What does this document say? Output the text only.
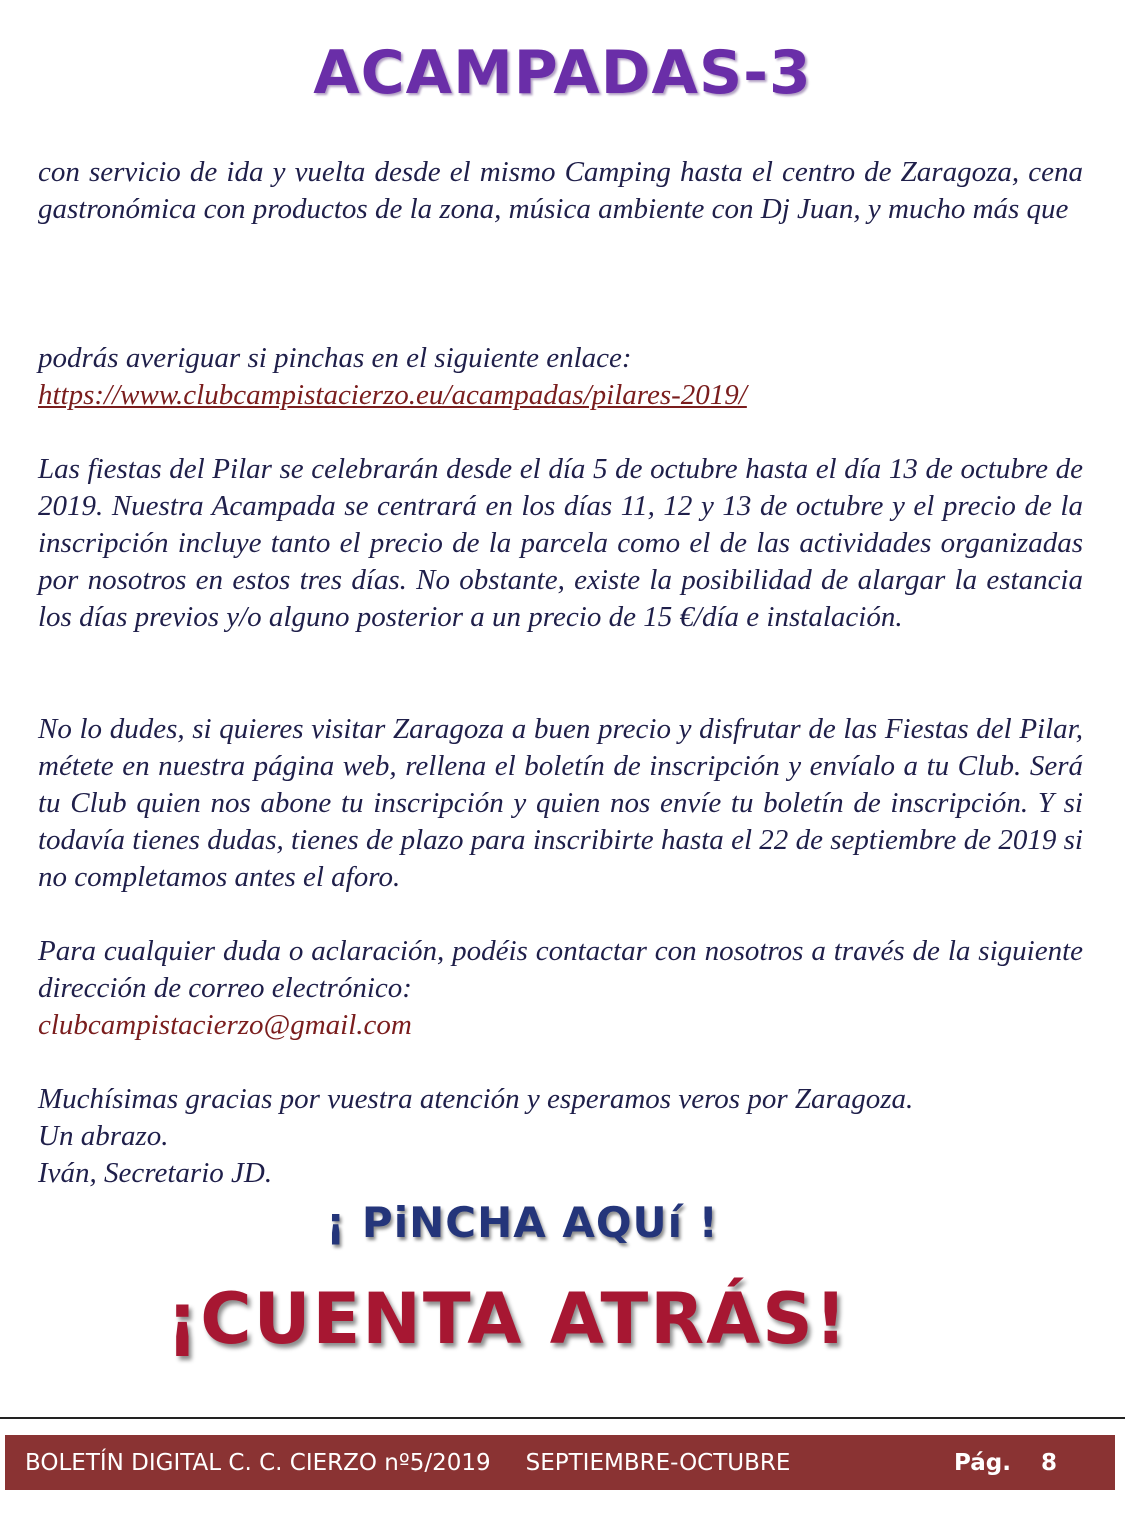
ACAMPADAS-3

con servicio de ida y vuelta desde el mismo Camping hasta el centro de Zaragoza, cena gastronómica con productos de la zona, música ambiente con Dj Juan, y mucho más que

podrás averiguar si pinchas en el siguiente enlace:

https://www.clubcampistacierzo.eu/acampadas/pilares-2019/

Las fiestas del Pilar se celebrarán desde el día 5 de octubre hasta el día 13 de octubre de 2019. Nuestra Acampada se centrará en los días 11, 12 y 13 de octubre y el precio de la inscripción incluye tanto el precio de la parcela como el de las actividades organizadas por nosotros en estos tres días. No obstante, existe la posibilidad de alargar la estancia los días previos y/o alguno posterior a un precio de 15 €/día e instalación.

No lo dudes, si quieres visitar Zaragoza a buen precio y disfrutar de las Fiestas del Pilar, métete en nuestra página web, rellena el boletín de inscripción y envíalo a tu Club. Será tu Club quien nos abone tu inscripción y quien nos envíe tu boletín de inscripción. Y si todavía tienes dudas, tienes de plazo para inscribirte hasta el 22 de septiembre de 2019 si no completamos antes el aforo.

Para cualquier duda o aclaración, podéis contactar con nosotros a través de la siguiente dirección de correo electrónico:

clubcampistacierzo@gmail.com

Muchísimas gracias por vuestra atención y esperamos veros por Zaragoza.

Un abrazo.

Iván, Secretario JD.

¡ PiNCHA AQUí !
¡CUENTA ATRÁS!
BOLETÍN DIGITAL C. C. CIERZO nº5/2019 SEPTIEMBRE-OCTUBRE	Pág. 8
